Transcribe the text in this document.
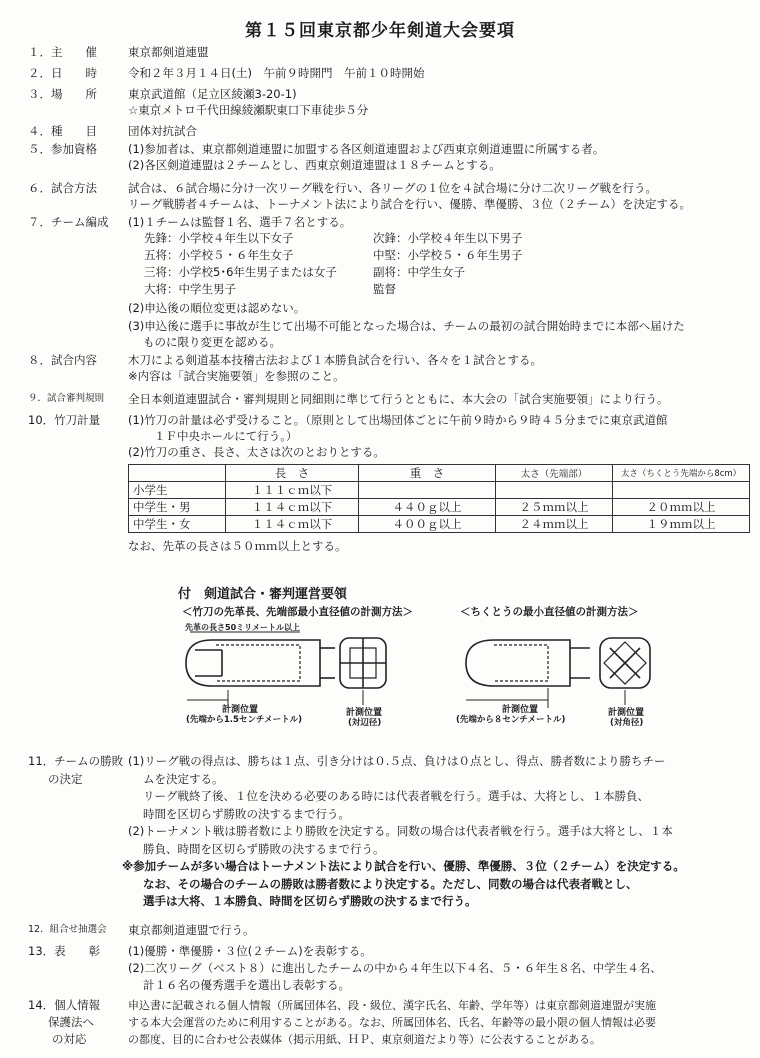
第１５回東京都少年剣道大会要項
１．主　　催	東京都剣道連盟
２．日　　時	令和２年３月１４日(土)　午前９時開門　午前１０時開始
３．場　　所	東京武道館（足立区綾瀬3-20-1)
☆東京メトロ千代田線綾瀬駅東口下車徒歩５分
４．種　　目	団体対抗試合
５．参加資格	(1)参加者は、東京都剣道連盟に加盟する各区剣道連盟および西東京剣道連盟に所属する者。
(2)各区剣道連盟は２チームとし、西東京剣道連盟は１８チームとする。
６．試合方法	試合は、６試合場に分け一次リーグ戦を行い、各リーグの１位を４試合場に分け二次リーグ戦を行う。
リーグ戦勝者４チームは、トーナメント法により試合を行い、優勝、準優勝、３位（２チーム）を決定する。
７．チーム編成	(1)１チームは監督１名、選手７名とする。
先鋒：小学校４年生以下女子	次鋒：小学校４年生以下男子
五将：小学校５・６年生女子	中堅：小学校５・６年生男子
三将：小学校5･6年生男子または女子	副将：中学生女子
大将：中学生男子	監督
(2)申込後の順位変更は認めない。
(3)申込後に選手に事故が生じて出場不可能となった場合は、チームの最初の試合開始時までに本部へ届けた
ものに限り変更を認める。
８．試合内容	木刀による剣道基本技稽古法および１本勝負試合を行い、各々を１試合とする。
※内容は「試合実施要領」を参照のこと。
９．試合審判規則	全日本剣道連盟試合・審判規則と同細則に準じて行うとともに、本大会の「試合実施要領」により行う。
10．竹刀計量	(1)竹刀の計量は必ず受けること。（原則として出場団体ごとに午前９時から９時４５分までに東京武道館
１Ｆ中央ホールにて行う。）
(2)竹刀の重さ、長さ、太さは次のとおりとする。
	長　さ	重　さ	太さ（先端部）	太さ（ちくとう先端から8cm）
小学生	１１１ｃｍ以下			
中学生・男	１１４ｃｍ以下	４４０ｇ以上	２５ｍｍ以上	２０ｍｍ以上
中学生・女	１１４ｃｍ以下	４００ｇ以上	２４ｍｍ以上	１９ｍｍ以上
なお、先革の長さは５０ｍｍ以上とする。
付　剣道試合・審判運営要領
＜竹刀の先革長、先端部最小直径値の計測方法＞	＜ちくとうの最小直径値の計測方法＞
先革の長さ50ミリメートル以上
計測位置
(先端から1.5センチメートル)
計測位置
(対辺径)
計測位置
(先端から８センチメートル)
計測位置
(対角径)
11．チームの勝敗
の決定
(1)リーグ戦の得点は、勝ちは１点、引き分けは０.５点、負けは０点とし、得点、勝者数により勝ちチー
ムを決定する。
リーグ戦終了後、１位を決める必要のある時には代表者戦を行う。選手は、大将とし、１本勝負、
時間を区切らず勝敗の決するまで行う。
(2)トーナメント戦は勝者数により勝敗を決定する。同数の場合は代表者戦を行う。選手は大将とし、１本
勝負、時間を区切らず勝敗の決するまで行う。
※参加チームが多い場合はトーナメント法により試合を行い、優勝、準優勝、３位（２チーム）を決定する。
なお、その場合のチームの勝敗は勝者数により決定する。ただし、同数の場合は代表者戦とし、
選手は大将、１本勝負、時間を区切らず勝敗の決するまで行う。
12．組合せ抽選会	東京都剣道連盟で行う。
13．表　　彰	(1)優勝・準優勝・３位(２チーム)を表彰する。
(2)二次リーグ（ベスト８）に進出したチームの中から４年生以下４名、５・６年生８名、中学生４名、
計１６名の優秀選手を選出し表彰する。
14．個人情報
保護法へ
の対応
申込書に記載される個人情報（所属団体名、段・級位、漢字氏名、年齢、学年等）は東京都剣道連盟が実施
する本大会運営のために利用することがある。なお、所属団体名、氏名、年齢等の最小限の個人情報は必要
の都度、目的に合わせ公表媒体（掲示用紙、ＨＰ、東京剣道だより等）に公表することがある。
